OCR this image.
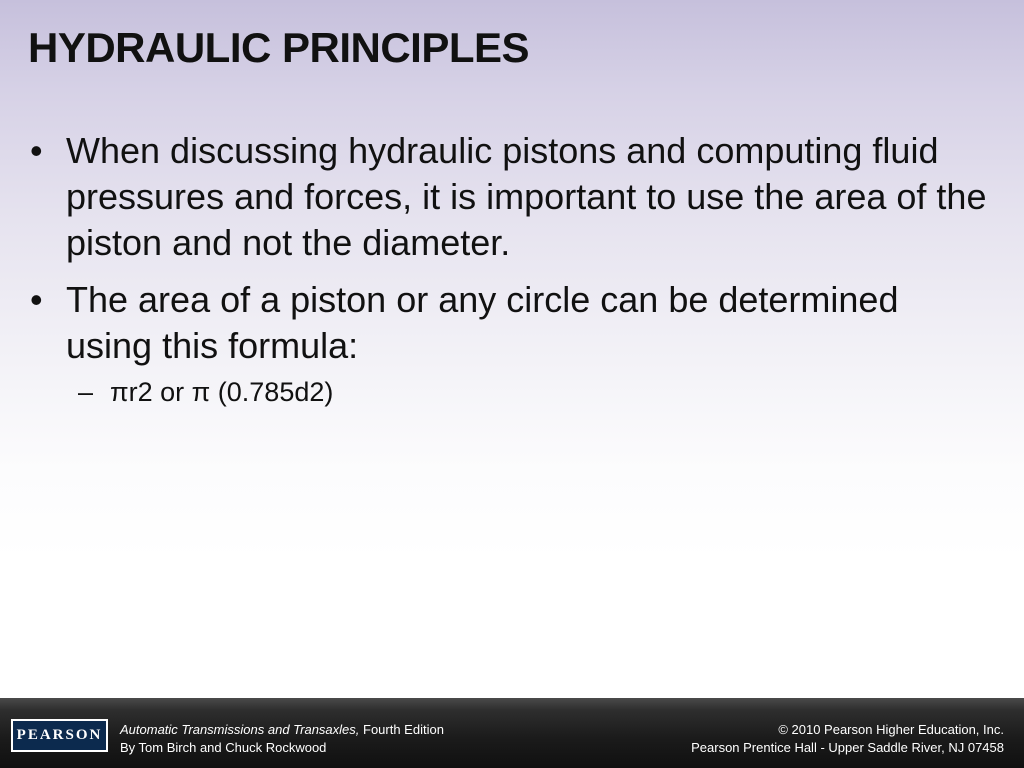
HYDRAULIC PRINCIPLES
• When discussing hydraulic pistons and computing fluid pressures and forces, it is important to use the area of the piston and not the diameter.
• The area of a piston or any circle can be determined using this formula:
– πr2 or π (0.785d2)
PEARSON Automatic Transmissions and Transaxles, Fourth Edition
By Tom Birch and Chuck Rockwood
© 2010 Pearson Higher Education, Inc.
Pearson Prentice Hall - Upper Saddle River, NJ 07458
